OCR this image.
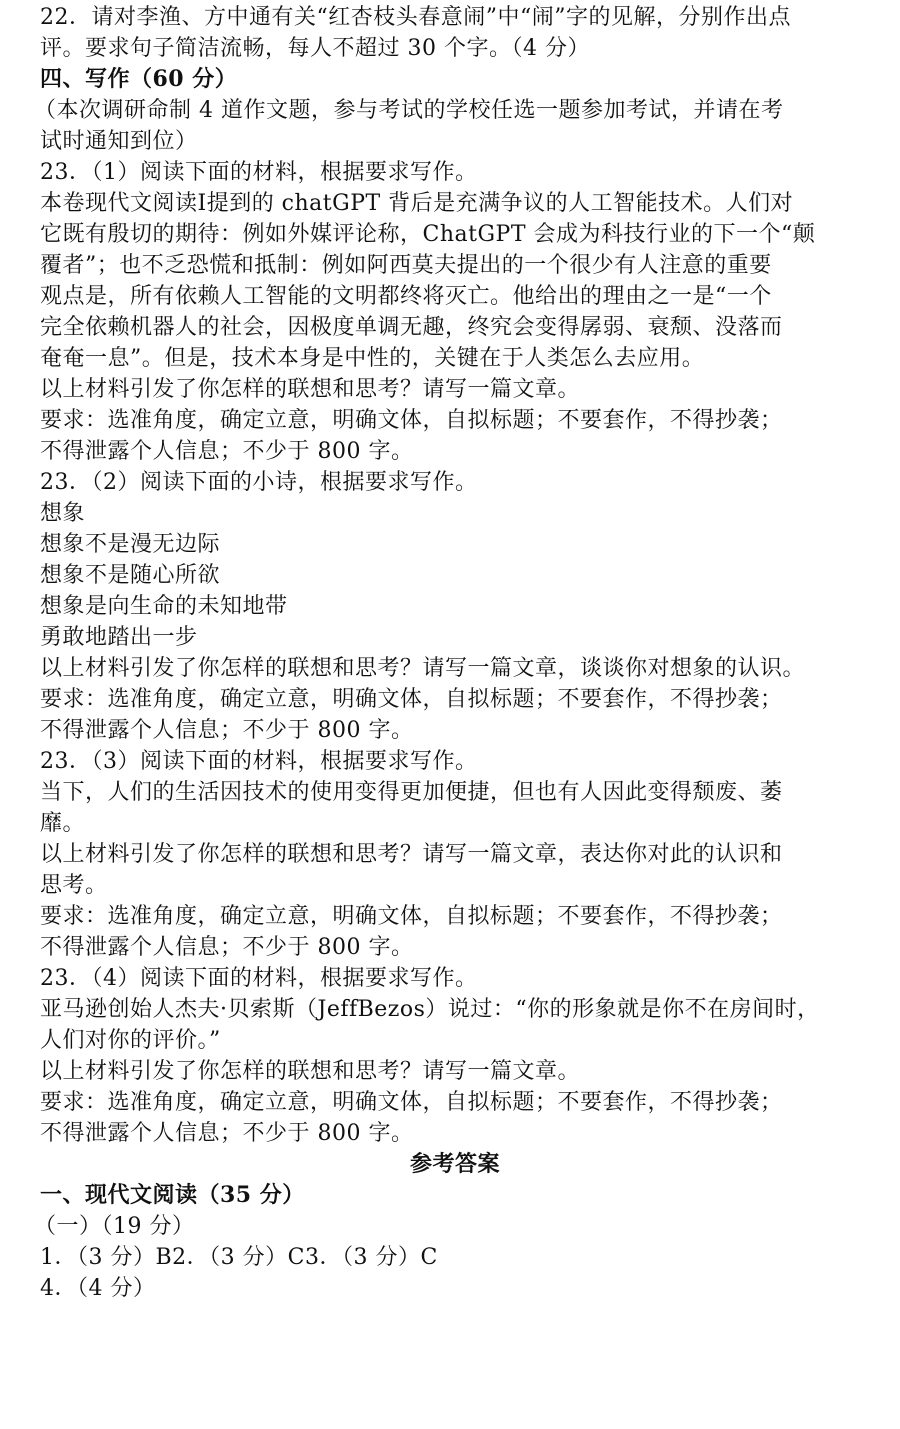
22．请对李渔、方中通有关“红杏枝头春意闹”中“闹”字的见解，分别作出点
评。要求句子简洁流畅，每人不超过 30 个字。（4 分）
四、写作（60 分）
（本次调研命制 4 道作文题，参与考试的学校任选一题参加考试，并请在考
试时通知到位）
23．（1）阅读下面的材料，根据要求写作。
本卷现代文阅读I提到的 chatGPT 背后是充满争议的人工智能技术。人们对
它既有殷切的期待：例如外媒评论称，ChatGPT 会成为科技行业的下一个“颠
覆者”；也不乏恐慌和抵制：例如阿西莫夫提出的一个很少有人注意的重要
观点是，所有依赖人工智能的文明都终将灭亡。他给出的理由之一是“一个
完全依赖机器人的社会，因极度单调无趣，终究会变得孱弱、衰颓、没落而
奄奄一息”。但是，技术本身是中性的，关键在于人类怎么去应用。
以上材料引发了你怎样的联想和思考？请写一篇文章。
要求：选准角度，确定立意，明确文体，自拟标题；不要套作，不得抄袭；
不得泄露个人信息；不少于 800 字。
23．（2）阅读下面的小诗，根据要求写作。
想象
想象不是漫无边际
想象不是随心所欲
想象是向生命的未知地带
勇敢地踏出一步
以上材料引发了你怎样的联想和思考？请写一篇文章，谈谈你对想象的认识。
要求：选准角度，确定立意，明确文体，自拟标题；不要套作，不得抄袭；
不得泄露个人信息；不少于 800 字。
23．（3）阅读下面的材料，根据要求写作。
当下，人们的生活因技术的使用变得更加便捷，但也有人因此变得颓废、萎
靡。
以上材料引发了你怎样的联想和思考？请写一篇文章，表达你对此的认识和
思考。
要求：选准角度，确定立意，明确文体，自拟标题；不要套作，不得抄袭；
不得泄露个人信息；不少于 800 字。
23．（4）阅读下面的材料，根据要求写作。
亚马逊创始人杰夫·贝索斯（JeffBezos）说过：“你的形象就是你不在房间时，
人们对你的评价。”
以上材料引发了你怎样的联想和思考？请写一篇文章。
要求：选准角度，确定立意，明确文体，自拟标题；不要套作，不得抄袭；
不得泄露个人信息；不少于 800 字。
参考答案
一、现代文阅读（35 分）
（一）（19 分）
1．（3 分）B2．（3 分）C3．（3 分）C
4．（4 分）
